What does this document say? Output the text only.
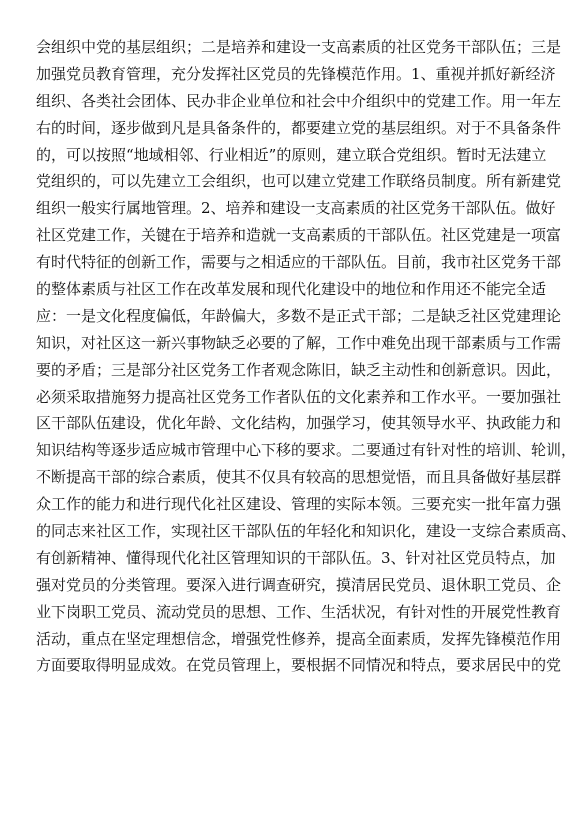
会组织中党的基层组织；二是培养和建设一支高素质的社区党务干部队伍；三是
加强党员教育管理，充分发挥社区党员的先锋模范作用。1、重视并抓好新经济
组织、各类社会团体、民办非企业单位和社会中介组织中的党建工作。用一年左
右的时间，逐步做到凡是具备条件的，都要建立党的基层组织。对于不具备条件
的，可以按照“地域相邻、行业相近”的原则，建立联合党组织。暂时无法建立
党组织的，可以先建立工会组织，也可以建立党建工作联络员制度。所有新建党
组织一般实行属地管理。2、培养和建设一支高素质的社区党务干部队伍。做好
社区党建工作，关键在于培养和造就一支高素质的干部队伍。社区党建是一项富
有时代特征的创新工作，需要与之相适应的干部队伍。目前，我市社区党务干部
的整体素质与社区工作在改革发展和现代化建设中的地位和作用还不能完全适
应：一是文化程度偏低，年龄偏大，多数不是正式干部；二是缺乏社区党建理论
知识，对社区这一新兴事物缺乏必要的了解，工作中难免出现干部素质与工作需
要的矛盾；三是部分社区党务工作者观念陈旧，缺乏主动性和创新意识。因此，
必须采取措施努力提高社区党务工作者队伍的文化素养和工作水平。一要加强社
区干部队伍建设，优化年龄、文化结构，加强学习，使其领导水平、执政能力和
知识结构等逐步适应城市管理中心下移的要求。二要通过有针对性的培训、轮训，
不断提高干部的综合素质，使其不仅具有较高的思想觉悟，而且具备做好基层群
众工作的能力和进行现代化社区建设、管理的实际本领。三要充实一批年富力强
的同志来社区工作，实现社区干部队伍的年轻化和知识化，建设一支综合素质高、
有创新精神、懂得现代化社区管理知识的干部队伍。3、针对社区党员特点，加
强对党员的分类管理。要深入进行调查研究，摸清居民党员、退休职工党员、企
业下岗职工党员、流动党员的思想、工作、生活状况，有针对性的开展党性教育
活动，重点在坚定理想信念，增强党性修养，提高全面素质，发挥先锋模范作用
方面要取得明显成效。在党员管理上，要根据不同情况和特点，要求居民中的党
